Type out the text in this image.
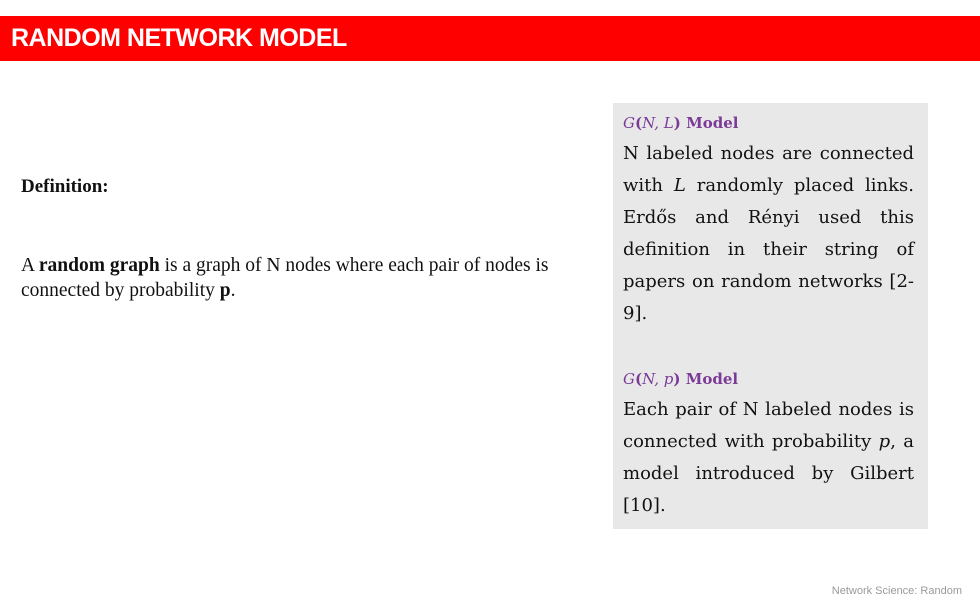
RANDOM NETWORK MODEL
Definition:
A random graph is a graph of N nodes where each pair of nodes is connected by probability p.
G(N, L) Model
N labeled nodes are connected with L randomly placed links. Erdős and Rényi used this definition in their string of papers on random networks [2-9].
G(N, p) Model
Each pair of N labeled nodes is connected with probability p, a model introduced by Gilbert [10].
Network Science: Random
